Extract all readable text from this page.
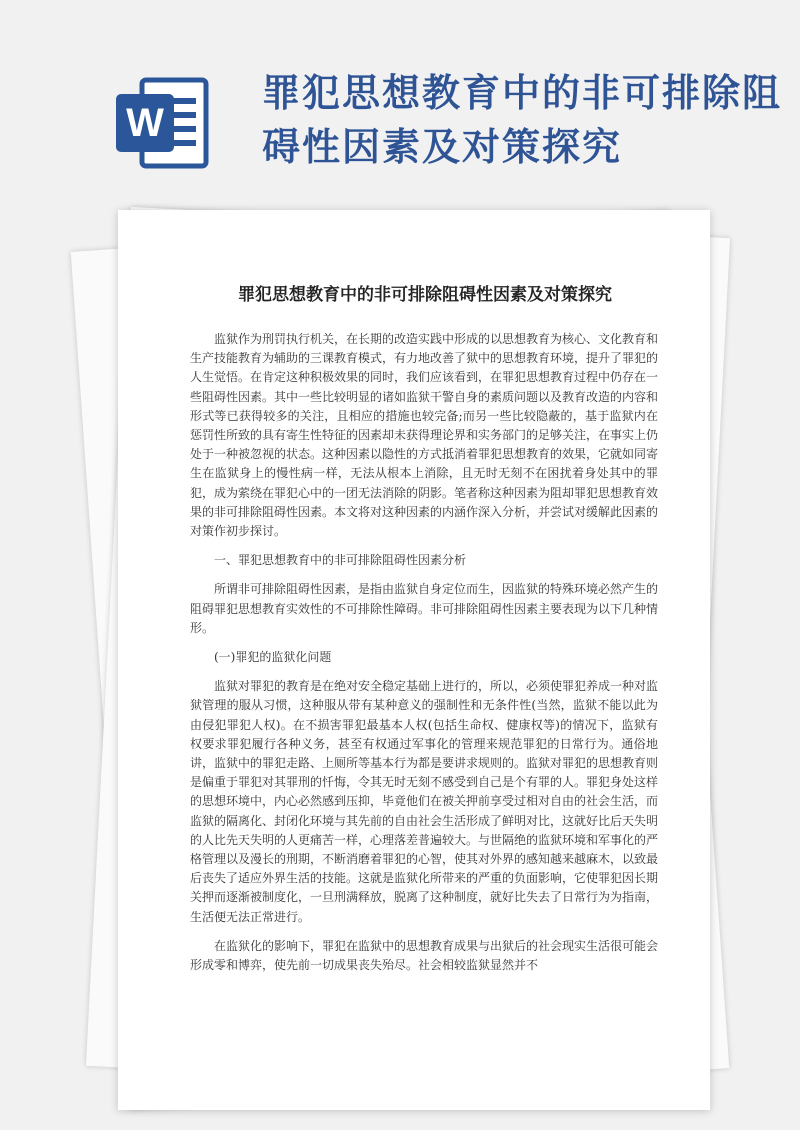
W
罪犯思想教育中的非可排除阻
碍性因素及对策探究
罪犯思想教育中的非可排除阻碍性因素及对策探究

监狱作为刑罚执行机关，在长期的改造实践中形成的以思想教育为核心、文化教育和生产技能教育为辅助的三课教育模式，有力地改善了狱中的思想教育环境，提升了罪犯的人生觉悟。在肯定这种积极效果的同时，我们应该看到，在罪犯思想教育过程中仍存在一些阻碍性因素。其中一些比较明显的诸如监狱干警自身的素质问题以及教育改造的内容和形式等已获得较多的关注，且相应的措施也较完备;而另一些比较隐蔽的，基于监狱内在惩罚性所致的具有寄生性特征的因素却未获得理论界和实务部门的足够关注，在事实上仍处于一种被忽视的状态。这种因素以隐性的方式抵消着罪犯思想教育的效果，它就如同寄生在监狱身上的慢性病一样，无法从根本上消除，且无时无刻不在困扰着身处其中的罪犯，成为萦绕在罪犯心中的一团无法消除的阴影。笔者称这种因素为阻却罪犯思想教育效果的非可排除阻碍性因素。本文将对这种因素的内涵作深入分析，并尝试对缓解此因素的对策作初步探讨。

一、罪犯思想教育中的非可排除阻碍性因素分析

所谓非可排除阻碍性因素，是指由监狱自身定位而生，因监狱的特殊环境必然产生的阻碍罪犯思想教育实效性的不可排除性障碍。非可排除阻碍性因素主要表现为以下几种情形。

(一)罪犯的监狱化问题

监狱对罪犯的教育是在绝对安全稳定基础上进行的，所以，必须使罪犯养成一种对监狱管理的服从习惯，这种服从带有某种意义的强制性和无条件性(当然，监狱不能以此为由侵犯罪犯人权)。在不损害罪犯最基本人权(包括生命权、健康权等)的情况下，监狱有权要求罪犯履行各种义务，甚至有权通过军事化的管理来规范罪犯的日常行为。通俗地讲，监狱中的罪犯走路、上厕所等基本行为都是要讲求规则的。监狱对罪犯的思想教育则是偏重于罪犯对其罪刑的忏悔，令其无时无刻不感受到自己是个有罪的人。罪犯身处这样的思想环境中，内心必然感到压抑，毕竟他们在被关押前享受过相对自由的社会生活，而监狱的隔离化、封闭化环境与其先前的自由社会生活形成了鲜明对比，这就好比后天失明的人比先天失明的人更痛苦一样，心理落差普遍较大。与世隔绝的监狱环境和军事化的严格管理以及漫长的刑期，不断消磨着罪犯的心智，使其对外界的感知越来越麻木，以致最后丧失了适应外界生活的技能。这就是监狱化所带来的严重的负面影响，它使罪犯因长期关押而逐渐被制度化，一旦刑满释放，脱离了这种制度，就好比失去了日常行为为指南，生活便无法正常进行。

在监狱化的影响下，罪犯在监狱中的思想教育成果与出狱后的社会现实生活很可能会形成零和博弈，使先前一切成果丧失殆尽。社会相较监狱显然并不
